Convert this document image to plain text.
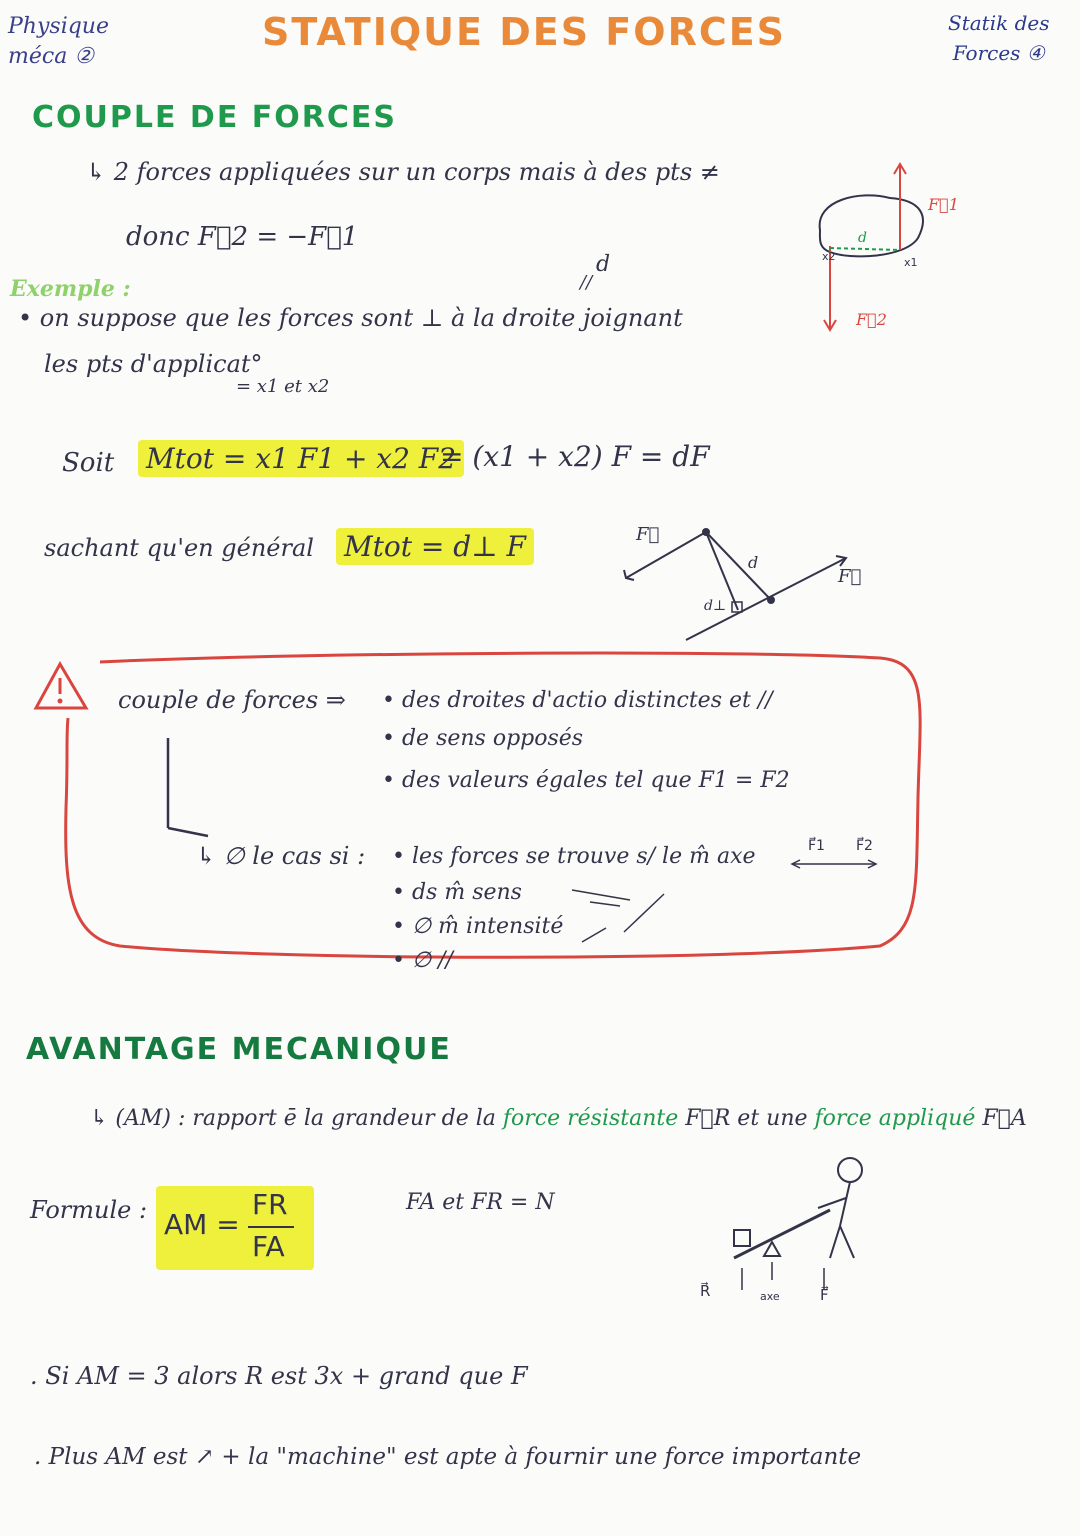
Physique
méca ②
STATIQUE DES FORCES	Statik des
Forces ④
COUPLE DE FORCES
↳ 2 forces appliquées sur un corps mais à des pts ≠
donc F⃗2 = −F⃗1
Exemple :
d
//
• on suppose que les forces sont ⊥ à la droite joignant
les pts d'applicat°
= x1 et x2
Soit Mtot = x1 F1 + x2 F2
= (x1 + x2) F = dF
sachant qu'en général Mtot = d⊥ F
F⃗1
F⃗2
d
x1
x2
F⃗
F⃗
d
d⊥
couple de forces ⇒ • des droites d'actio distinctes et //
• de sens opposés
• des valeurs égales tel que F1 = F2
↳ ∅ le cas si : • les forces se trouve s/ le m̂ axe
• ds m̂ sens
• ∅ m̂ intensité
• ∅ //
F⃗1 F⃗2
AVANTAGE MECANIQUE
↳ (AM) : rapport ē la grandeur de la force résistante F⃗R et une force appliqué F⃗A
Formule : AM =
FR
FA
FA et FR = N
R⃗	axe	F⃗
. Si AM = 3 alors R est 3x + grand que F
. Plus AM est ↗ + la "machine" est apte à fournir une force importante
